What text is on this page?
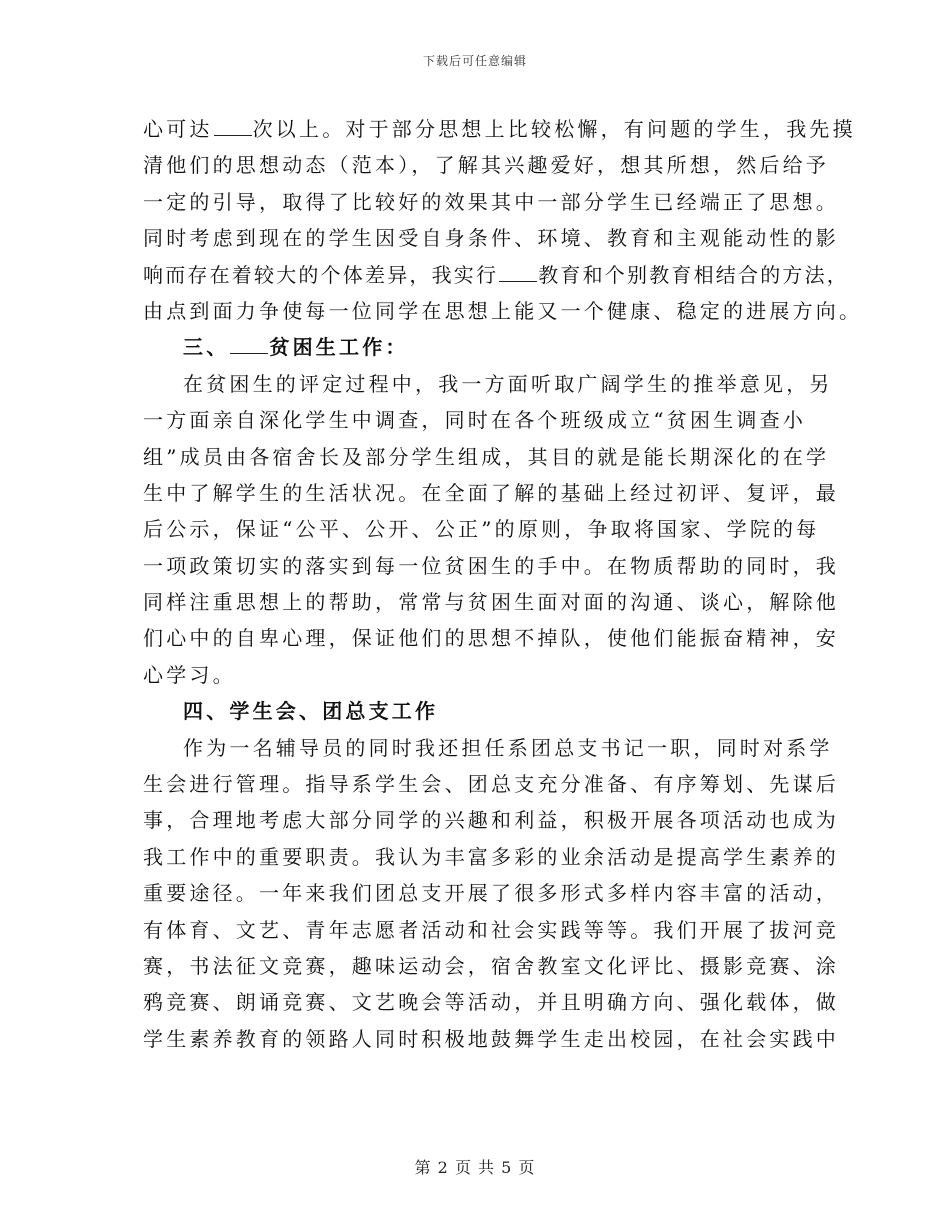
下载后可任意编辑
心可达 次以上。对于部分思想上比较松懈，有问题的学生，我先摸
清他们的思想动态（范本），了解其兴趣爱好，想其所想，然后给予
一定的引导，取得了比较好的效果其中一部分学生已经端正了思想。
同时考虑到现在的学生因受自身条件、环境、教育和主观能动性的影
响而存在着较大的个体差异，我实行 教育和个别教育相结合的方法，
由点到面力争使每一位同学在思想上能又一个健康、稳定的进展方向。
三、 贫困生工作：
在贫困生的评定过程中，我一方面听取广阔学生的推举意见，另
一方面亲自深化学生中调查，同时在各个班级成立“贫困生调查小
组”成员由各宿舍长及部分学生组成，其目的就是能长期深化的在学
生中了解学生的生活状况。在全面了解的基础上经过初评、复评，最
后公示，保证“公平、公开、公正”的原则，争取将国家、学院的每
一项政策切实的落实到每一位贫困生的手中。在物质帮助的同时，我
同样注重思想上的帮助，常常与贫困生面对面的沟通、谈心，解除他
们心中的自卑心理，保证他们的思想不掉队，使他们能振奋精神，安
心学习。
四、学生会、团总支工作
作为一名辅导员的同时我还担任系团总支书记一职，同时对系学
生会进行管理。指导系学生会、团总支充分准备、有序筹划、先谋后
事，合理地考虑大部分同学的兴趣和利益，积极开展各项活动也成为
我工作中的重要职责。我认为丰富多彩的业余活动是提高学生素养的
重要途径。一年来我们团总支开展了很多形式多样内容丰富的活动，
有体育、文艺、青年志愿者活动和社会实践等等。我们开展了拔河竞
赛，书法征文竞赛，趣味运动会，宿舍教室文化评比、摄影竞赛、涂
鸦竞赛、朗诵竞赛、文艺晚会等活动，并且明确方向、强化载体，做
学生素养教育的领路人同时积极地鼓舞学生走出校园，在社会实践中
第 2 页 共 5 页
